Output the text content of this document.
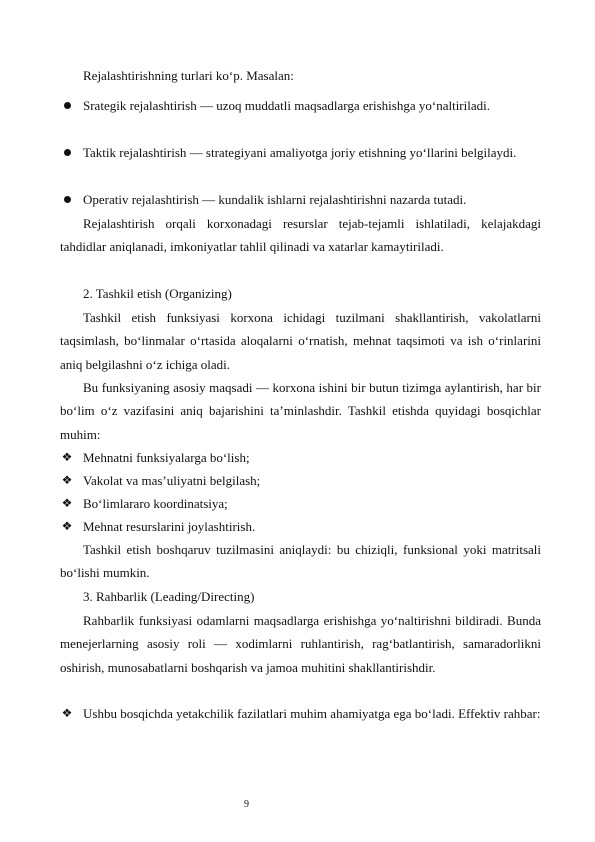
Rejalashtirishning turlari ko‘p. Masalan:
Srategik rejalashtirish — uzoq muddatli maqsadlarga erishishga yo‘naltiriladi.
Taktik rejalashtirish — strategiyani amaliyotga joriy etishning yo‘llarini belgilaydi.
Operativ rejalashtirish — kundalik ishlarni rejalashtirishni nazarda tutadi.
Rejalashtirish orqali korxonadagi resurslar tejab-tejamli ishlatiladi, kelajakdagi tahdidlar aniqlanadi, imkoniyatlar tahlil qilinadi va xatarlar kamaytiriladi.
2. Tashkil etish (Organizing)
Tashkil etish funksiyasi korxona ichidagi tuzilmani shakllantirish, vakolatlarni taqsimlash, bo‘linmalar o‘rtasida aloqalarni o‘rnatish, mehnat taqsimoti va ish o‘rinlarini aniq belgilashni o‘z ichiga oladi.
Bu funksiyaning asosiy maqsadi — korxona ishini bir butun tizimga aylantirish, har bir bo‘lim o‘z vazifasini aniq bajarishini ta’minlashdir. Tashkil etishda quyidagi bosqichlar muhim:
❖ Mehnatni funksiyalarga bo‘lish;
❖ Vakolat va mas’uliyatni belgilash;
❖ Bo‘limlararo koordinatsiya;
❖ Mehnat resurslarini joylashtirish.
Tashkil etish boshqaruv tuzilmasini aniqlaydi: bu chiziqli, funksional yoki matritsali bo‘lishi mumkin.
3. Rahbarlik (Leading/Directing)
Rahbarlik funksiyasi odamlarni maqsadlarga erishishga yo‘naltirishni bildiradi. Bunda menejerlarning asosiy roli — xodimlarni ruhlantirish, rag‘batlantirish, samaradorlikni oshirish, munosabatlarni boshqarish va jamoa muhitini shakllantirishdir.
❖ Ushbu bosqichda yetakchilik fazilatlari muhim ahamiyatga ega bo‘ladi. Effektiv rahbar:
9
